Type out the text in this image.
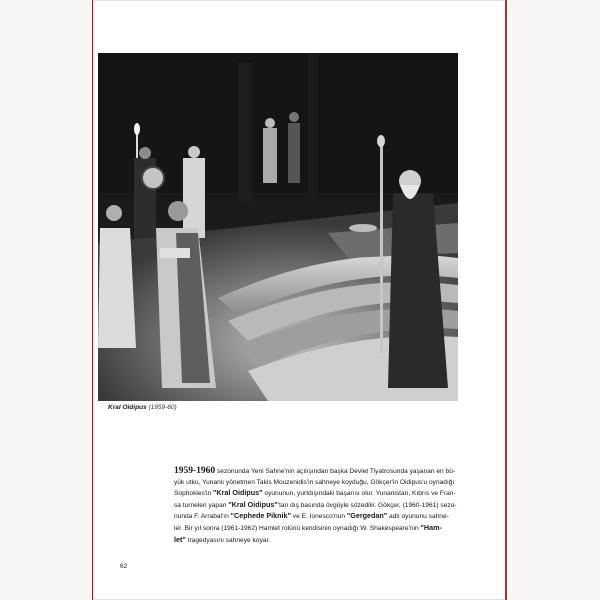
Kral Oidipus (1959-60)
1959-1960 sezonunda Yeni Sahne'nin açılışından başka Devlet Tiyatrosunda yaşanan en bü-
yük utku, Yunanlı yönetmen Takis Mouzenidis'in sahneye koyduğu, Gökçer'in Oidipus'u oynadığı
Sophokles'in "Kral Oidipus" oyununun, yurtdışındaki başarısı olur. Yunanistan, Kıbrıs ve Fran-
sa turneleri yapan "Kral Oidipus"'tan dış basında övgüyle sözedilir. Gökçer, (1960-1961) sezo-
nunda F. Arrabal'ın "Cephede Piknik" ve E. Ionesco'nun "Gergedan" adlı oyununu sahne-
ler. Bir yıl sonra (1961-1962) Hamlet rolünü kendisinin oynadığı W. Shakespeare'nin "Ham-
let" tragedyasını sahneye koyar.
62
